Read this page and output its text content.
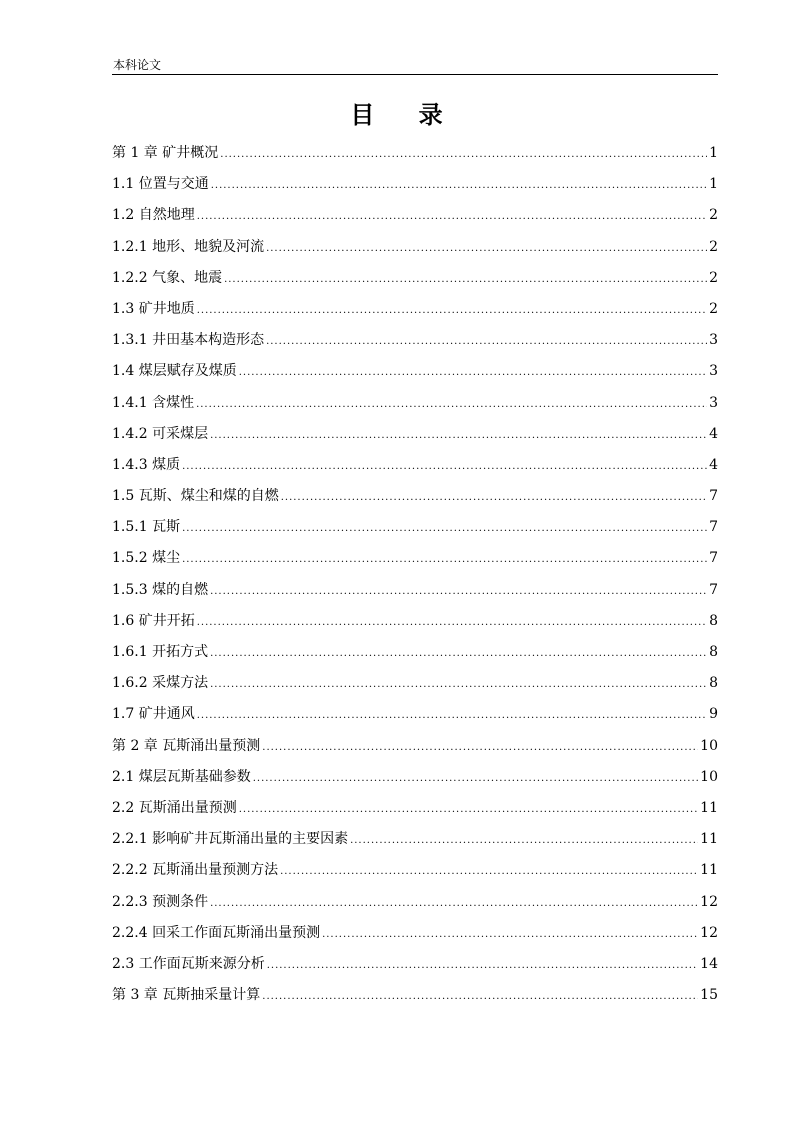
本科论文
目 录
第 1 章 矿井概况 .....	1
1.1 位置与交通 .....	1
1.2 自然地理 .....	2
1.2.1 地形、地貌及河流 .....	2
1.2.2 气象、地震 .....	2
1.3 矿井地质 .....	2
1.3.1 井田基本构造形态 .....	3
1.4 煤层赋存及煤质 .....	3
1.4.1 含煤性 .....	3
1.4.2 可采煤层 .....	4
1.4.3 煤质 .....	4
1.5 瓦斯、煤尘和煤的自燃 .....	7
1.5.1 瓦斯 .....	7
1.5.2 煤尘 .....	7
1.5.3 煤的自燃 .....	7
1.6 矿井开拓 .....	8
1.6.1 开拓方式 .....	8
1.6.2 采煤方法 .....	8
1.7 矿井通风 .....	9
第 2 章 瓦斯涌出量预测 .....	10
2.1 煤层瓦斯基础参数 .....	10
2.2 瓦斯涌出量预测 .....	11
2.2.1 影响矿井瓦斯涌出量的主要因素 .....	11
2.2.2 瓦斯涌出量预测方法 .....	11
2.2.3 预测条件 .....	12
2.2.4 回采工作面瓦斯涌出量预测 .....	12
2.3 工作面瓦斯来源分析 .....	14
第 3 章 瓦斯抽采量计算 .....	15
